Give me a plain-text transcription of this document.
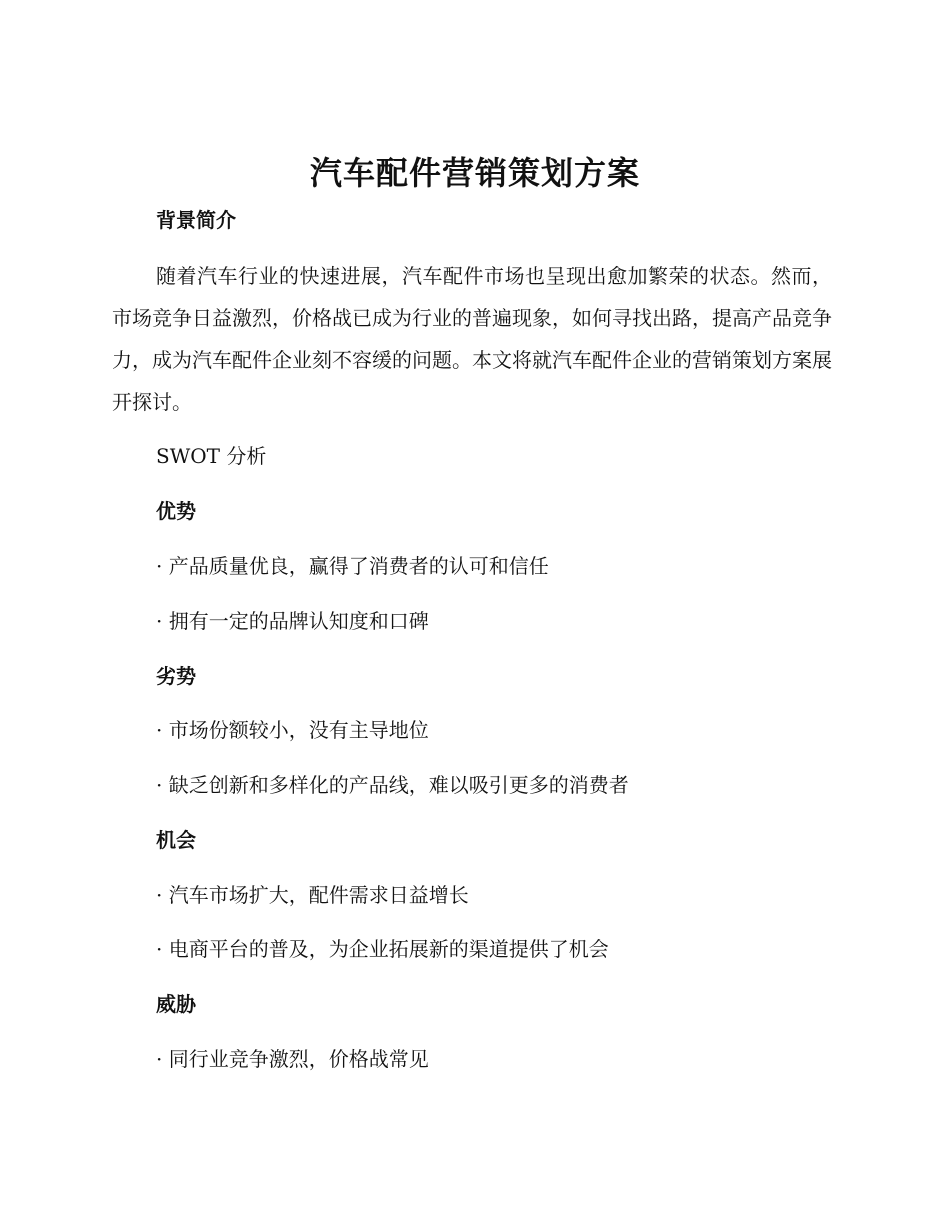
汽车配件营销策划方案
背景简介
随着汽车行业的快速进展，汽车配件市场也呈现出愈加繁荣的状态。然而，市场竞争日益激烈，价格战已成为行业的普遍现象，如何寻找出路，提高产品竞争力，成为汽车配件企业刻不容缓的问题。本文将就汽车配件企业的营销策划方案展开探讨。
SWOT 分析
优势
· 产品质量优良，赢得了消费者的认可和信任
· 拥有一定的品牌认知度和口碑
劣势
· 市场份额较小，没有主导地位
· 缺乏创新和多样化的产品线，难以吸引更多的消费者
机会
· 汽车市场扩大，配件需求日益增长
· 电商平台的普及，为企业拓展新的渠道提供了机会
威胁
· 同行业竞争激烈，价格战常见
